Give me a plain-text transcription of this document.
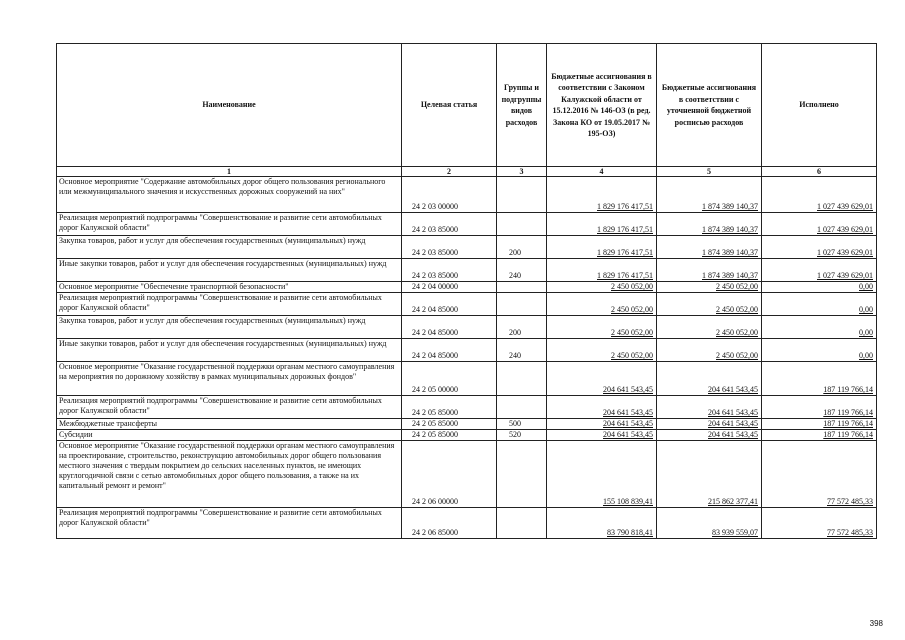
Наименование	Целевая статья	Группы и подгруппы видов расходов	Бюджетные ассигнования в соответствии с Законом Калужской области от 15.12.2016 № 146-ОЗ (в ред. Закона КО от 19.05.2017 № 195-ОЗ)	Бюджетные ассигнования в соответствии с уточненной бюджетной росписью расходов	Исполнено
1	2	3	4	5	6
Основное мероприятие "Содержание автомобильных дорог общего пользования регионального или межмуниципального значения и искусственных дорожных сооружений на них"	24 2 03 00000		1 829 176 417,51	1 874 389 140,37	1 027 439 629,01
Реализация мероприятий подпрограммы "Совершенствование и развитие сети автомобильных дорог Калужской области"	24 2 03 85000		1 829 176 417,51	1 874 389 140,37	1 027 439 629,01
Закупка товаров, работ и услуг для обеспечения государственных (муниципальных) нужд	24 2 03 85000	200	1 829 176 417,51	1 874 389 140,37	1 027 439 629,01
Иные закупки товаров, работ и услуг для обеспечения государственных (муниципальных) нужд	24 2 03 85000	240	1 829 176 417,51	1 874 389 140,37	1 027 439 629,01
Основное мероприятие "Обеспечение транспортной безопасности"	24 2 04 00000		2 450 052,00	2 450 052,00	0,00
Реализация мероприятий подпрограммы "Совершенствование и развитие сети автомобильных дорог Калужской области"	24 2 04 85000		2 450 052,00	2 450 052,00	0,00
Закупка товаров, работ и услуг для обеспечения государственных (муниципальных) нужд	24 2 04 85000	200	2 450 052,00	2 450 052,00	0,00
Иные закупки товаров, работ и услуг для обеспечения государственных (муниципальных) нужд	24 2 04 85000	240	2 450 052,00	2 450 052,00	0,00
Основное мероприятие "Оказание государственной поддержки органам местного самоуправления на мероприятия по дорожному хозяйству в рамках муниципальных дорожных фондов"	24 2 05 00000		204 641 543,45	204 641 543,45	187 119 766,14
Реализация мероприятий подпрограммы "Совершенствование и развитие сети автомобильных дорог Калужской области"	24 2 05 85000		204 641 543,45	204 641 543,45	187 119 766,14
Межбюджетные трансферты	24 2 05 85000	500	204 641 543,45	204 641 543,45	187 119 766,14
Субсидии	24 2 05 85000	520	204 641 543,45	204 641 543,45	187 119 766,14
Основное мероприятие "Оказание государственной поддержки органам местного самоуправления на проектирование, строительство, реконструкцию автомобильных дорог общего пользования местного значения с твердым покрытием до сельских населенных пунктов, не имеющих круглогодичной связи с сетью автомобильных дорог общего пользования, а также на их капитальный ремонт и ремонт"	24 2 06 00000		155 108 839,41	215 862 377,41	77 572 485,33
Реализация мероприятий подпрограммы "Совершенствование и развитие сети автомобильных дорог Калужской области"	24 2 06 85000		83 790 818,41	83 939 559,07	77 572 485,33
398
